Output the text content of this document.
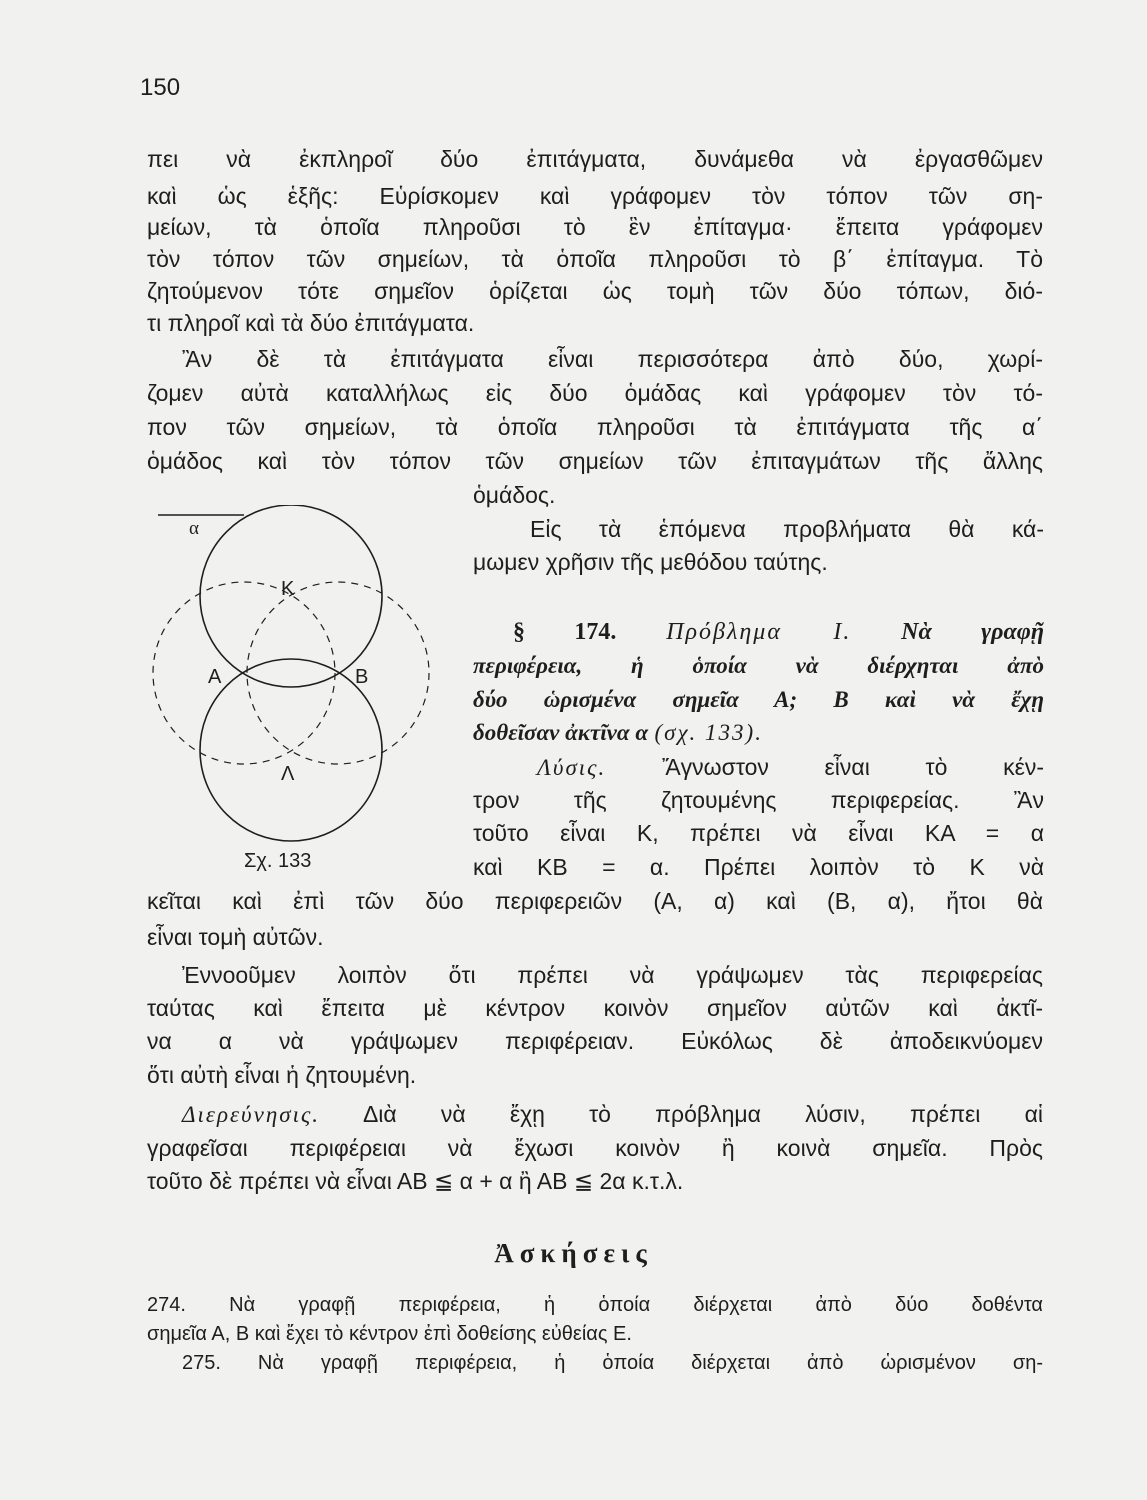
150
πει νὰ ἐκπληροῖ δύο ἐπιτάγματα, δυνάμεθα νὰ ἐργασθῶμεν
καὶ ὡς ἑξῆς: Εὑρίσκομεν καὶ γράφομεν τὸν τόπον τῶν ση-
μείων, τὰ ὁποῖα πληροῦσι τὸ ἓν ἐπίταγμα· ἔπειτα γράφομεν
τὸν τόπον τῶν σημείων, τὰ ὁποῖα πληροῦσι τὸ β΄ ἐπίταγμα. Τὸ
ζητούμενον τότε σημεῖον ὁρίζεται ὡς τομὴ τῶν δύο τόπων, διό-
τι πληροῖ καὶ τὰ δύο ἐπιτάγματα.
Ἂν δὲ τὰ ἐπιτάγματα εἶναι περισσότερα ἀπὸ δύο, χωρί-
ζομεν αὐτὰ καταλλήλως εἰς δύο ὁμάδας καὶ γράφομεν τὸν τό-
πον τῶν σημείων, τὰ ὁποῖα πληροῦσι τὰ ἐπιτάγματα τῆς α΄
ὁμάδος καὶ τὸν τόπον τῶν σημείων τῶν ἐπιταγμάτων τῆς ἄλλης
ὁμάδος.
Εἰς τὰ ἑπόμενα προβλήματα θὰ κά-
μωμεν χρῆσιν τῆς μεθόδου ταύτης.
§ 174. Πρόβλημα Ι. Νὰ γραφῇ
περιφέρεια, ἡ ὁποία νὰ διέρχηται ἀπὸ
δύο ὡρισμένα σημεῖα Α; Β καὶ νὰ ἔχῃ
δοθεῖσαν ἀκτῖνα α (σχ. 133).
Λύσις. Ἄγνωστον εἶναι τὸ κέν-
τρον τῆς ζητουμένης περιφερείας. Ἂν
τοῦτο εἶναι Κ, πρέπει νὰ εἶναι ΚΑ = α
καὶ ΚΒ = α. Πρέπει λοιπὸν τὸ Κ νὰ
κεῖται καὶ ἐπὶ τῶν δύο περιφερειῶν (Α, α) καὶ (Β, α), ἤτοι θὰ
εἶναι τομὴ αὐτῶν.
Ἐννοοῦμεν λοιπὸν ὅτι πρέπει νὰ γράψωμεν τὰς περιφερείας
ταύτας καὶ ἔπειτα μὲ κέντρον κοινὸν σημεῖον αὐτῶν καὶ ἀκτῖ-
να α νὰ γράψωμεν περιφέρειαν. Εὐκόλως δὲ ἀποδεικνύομεν
ὅτι αὐτὴ εἶναι ἡ ζητουμένη.
Διερεύνησις. Διὰ νὰ ἔχῃ τὸ πρόβλημα λύσιν, πρέπει αἱ
γραφεῖσαι περιφέρειαι νὰ ἔχωσι κοινὸν ἢ κοινὰ σημεῖα. Πρὸς
τοῦτο δὲ πρέπει νὰ εἶναι ΑΒ ≦ α + α ἢ ΑΒ ≦ 2α κ.τ.λ.
Ἀσκήσεις
274. Νὰ γραφῇ περιφέρεια, ἡ ὁποία διέρχεται ἀπὸ δύο δοθέντα
σημεῖα Α, Β καὶ ἔχει τὸ κέντρον ἐπὶ δοθείσης εὐθείας Ε.
275. Νὰ γραφῇ περιφέρεια, ἡ ὁποία διέρχεται ἀπὸ ὡρισμένον ση-
α
Κ
Α	Β
Λ
Σχ. 133
